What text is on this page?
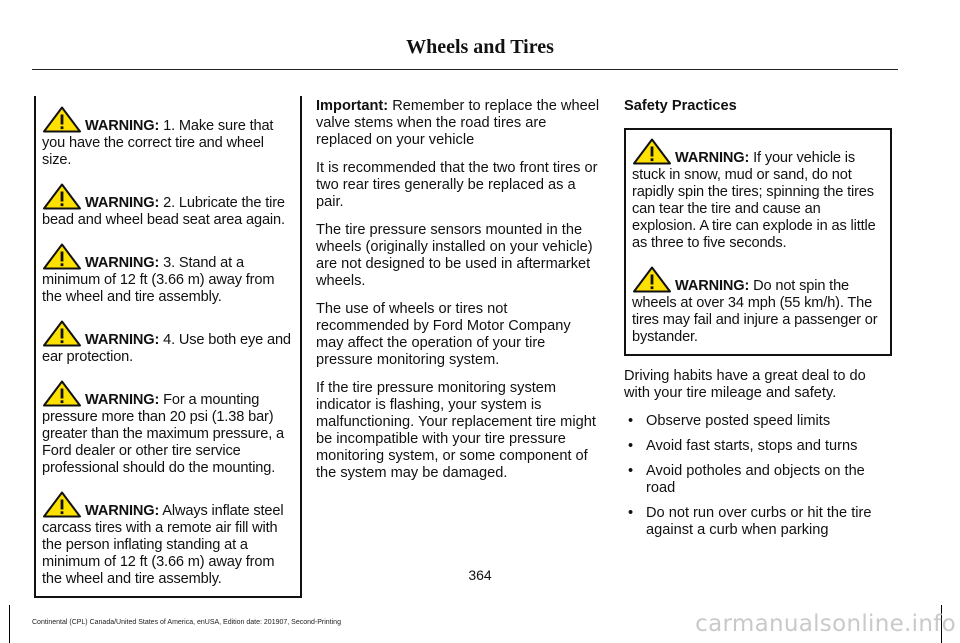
Wheels and Tires

WARNING: 1. Make sure that you have the correct tire and wheel size.

WARNING: 2. Lubricate the tire bead and wheel bead seat area again.

WARNING: 3. Stand at a minimum of 12 ft (3.66 m) away from the wheel and tire assembly.

WARNING: 4. Use both eye and ear protection.

WARNING: For a mounting pressure more than 20 psi (1.38 bar) greater than the maximum pressure, a Ford dealer or other tire service professional should do the mounting.

WARNING: Always inflate steel carcass tires with a remote air fill with the person inflating standing at a minimum of 12 ft (3.66 m) away from the wheel and tire assembly.

Important: Remember to replace the wheel valve stems when the road tires are replaced on your vehicle

It is recommended that the two front tires or two rear tires generally be replaced as a pair.

The tire pressure sensors mounted in the wheels (originally installed on your vehicle) are not designed to be used in aftermarket wheels.

The use of wheels or tires not recommended by Ford Motor Company may affect the operation of your tire pressure monitoring system.

If the tire pressure monitoring system indicator is flashing, your system is malfunctioning. Your replacement tire might be incompatible with your tire pressure monitoring system, or some component of the system may be damaged.

Safety Practices

WARNING: If your vehicle is stuck in snow, mud or sand, do not rapidly spin the tires; spinning the tires can tear the tire and cause an explosion. A tire can explode in as little as three to five seconds.

WARNING: Do not spin the wheels at over 34 mph (55 km/h). The tires may fail and injure a passenger or bystander.

Driving habits have a great deal to do with your tire mileage and safety.

• Observe posted speed limits
• Avoid fast starts, stops and turns
• Avoid potholes and objects on the road
• Do not run over curbs or hit the tire against a curb when parking
364
Continental (CPL) Canada/United States of America, enUSA, Edition date: 201907, Second-Printing	carmanualsonline.info
